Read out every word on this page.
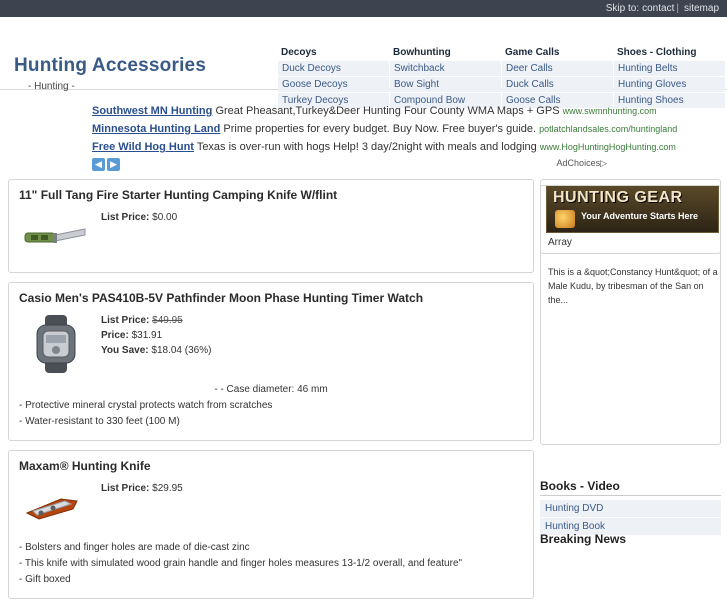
Skip to: contact | sitemap
Hunting Accessories
- Hunting -
Decoys
Duck Decoys
Goose Decoys
Turkey Decoys
Bowhunting
Switchback
Bow Sight
Compound Bow
Game Calls
Deer Calls
Duck Calls
Goose Calls
Shoes - Clothing
Hunting Belts
Hunting Gloves
Hunting Shoes
Southwest MN Hunting Great Pheasant,Turkey&Deer Hunting Four County WMA Maps + GPS www.swmnhunting.com
Minnesota Hunting Land Prime properties for every budget. Buy Now. Free buyer's guide. potlatchlandsales.com/huntingland
Free Wild Hog Hunt Texas is over-run with hogs Help! 3 day/2night with meals and lodging www.HogHuntingHogHunting.com
◀ ▶	AdChoices▷
11" Full Tang Fire Starter Hunting Camping Knife W/flint
List Price: $0.00
Casio Men's PAS410B-5V Pathfinder Moon Phase Hunting Timer Watch
List Price: $49.95
Price: $31.91
You Save: $18.04 (36%)
- - Case diameter: 46 mm
- Protective mineral crystal protects watch from scratches
- Water-resistant to 330 feet (100 M)
Maxam® Hunting Knife
List Price: $29.95
- Bolsters and finger holes are made of die-cast zinc
- This knife with simulated wood grain handle and finger holes measures 13-1/2 overall, and feature"
- Gift boxed
HUNTING GEAR
Your Adventure Starts Here
Array
This is a &quot;Constancy Hunt&quot; of a Male Kudu, by tribesman of the San on the...
Books - Video
Hunting DVD
Hunting Book
Breaking News
